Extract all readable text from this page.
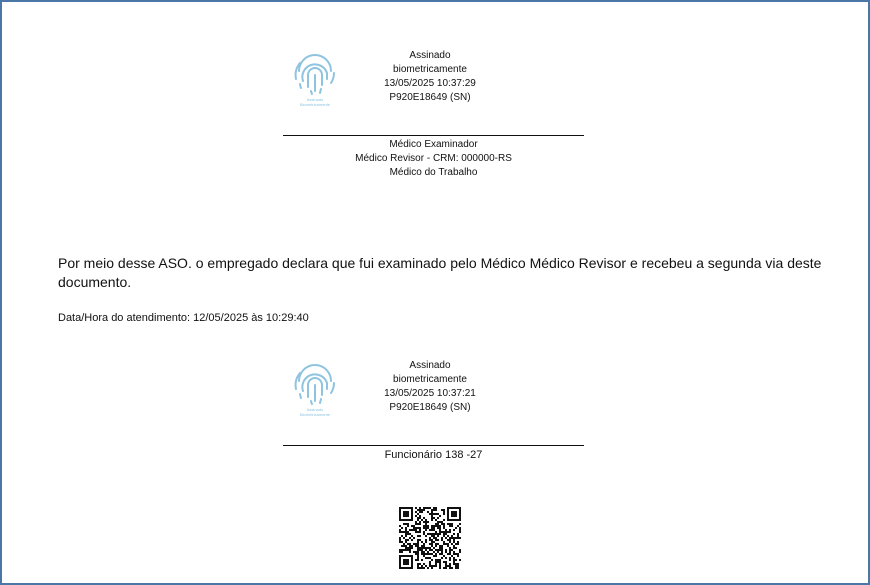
Assinado
Biometricamente
Assinado
biometricamente
13/05/2025 10:37:29
P920E18649 (SN)
Médico Examinador
Médico Revisor - CRM: 000000-RS
Médico do Trabalho
Por meio desse ASO. o empregado declara que fui examinado pelo Médico Médico Revisor e recebeu a segunda via deste documento.
Data/Hora do atendimento: 12/05/2025 às 10:29:40
Assinado
Biometricamente
Assinado
biometricamente
13/05/2025 10:37:21
P920E18649 (SN)
Funcionário 138 -27
